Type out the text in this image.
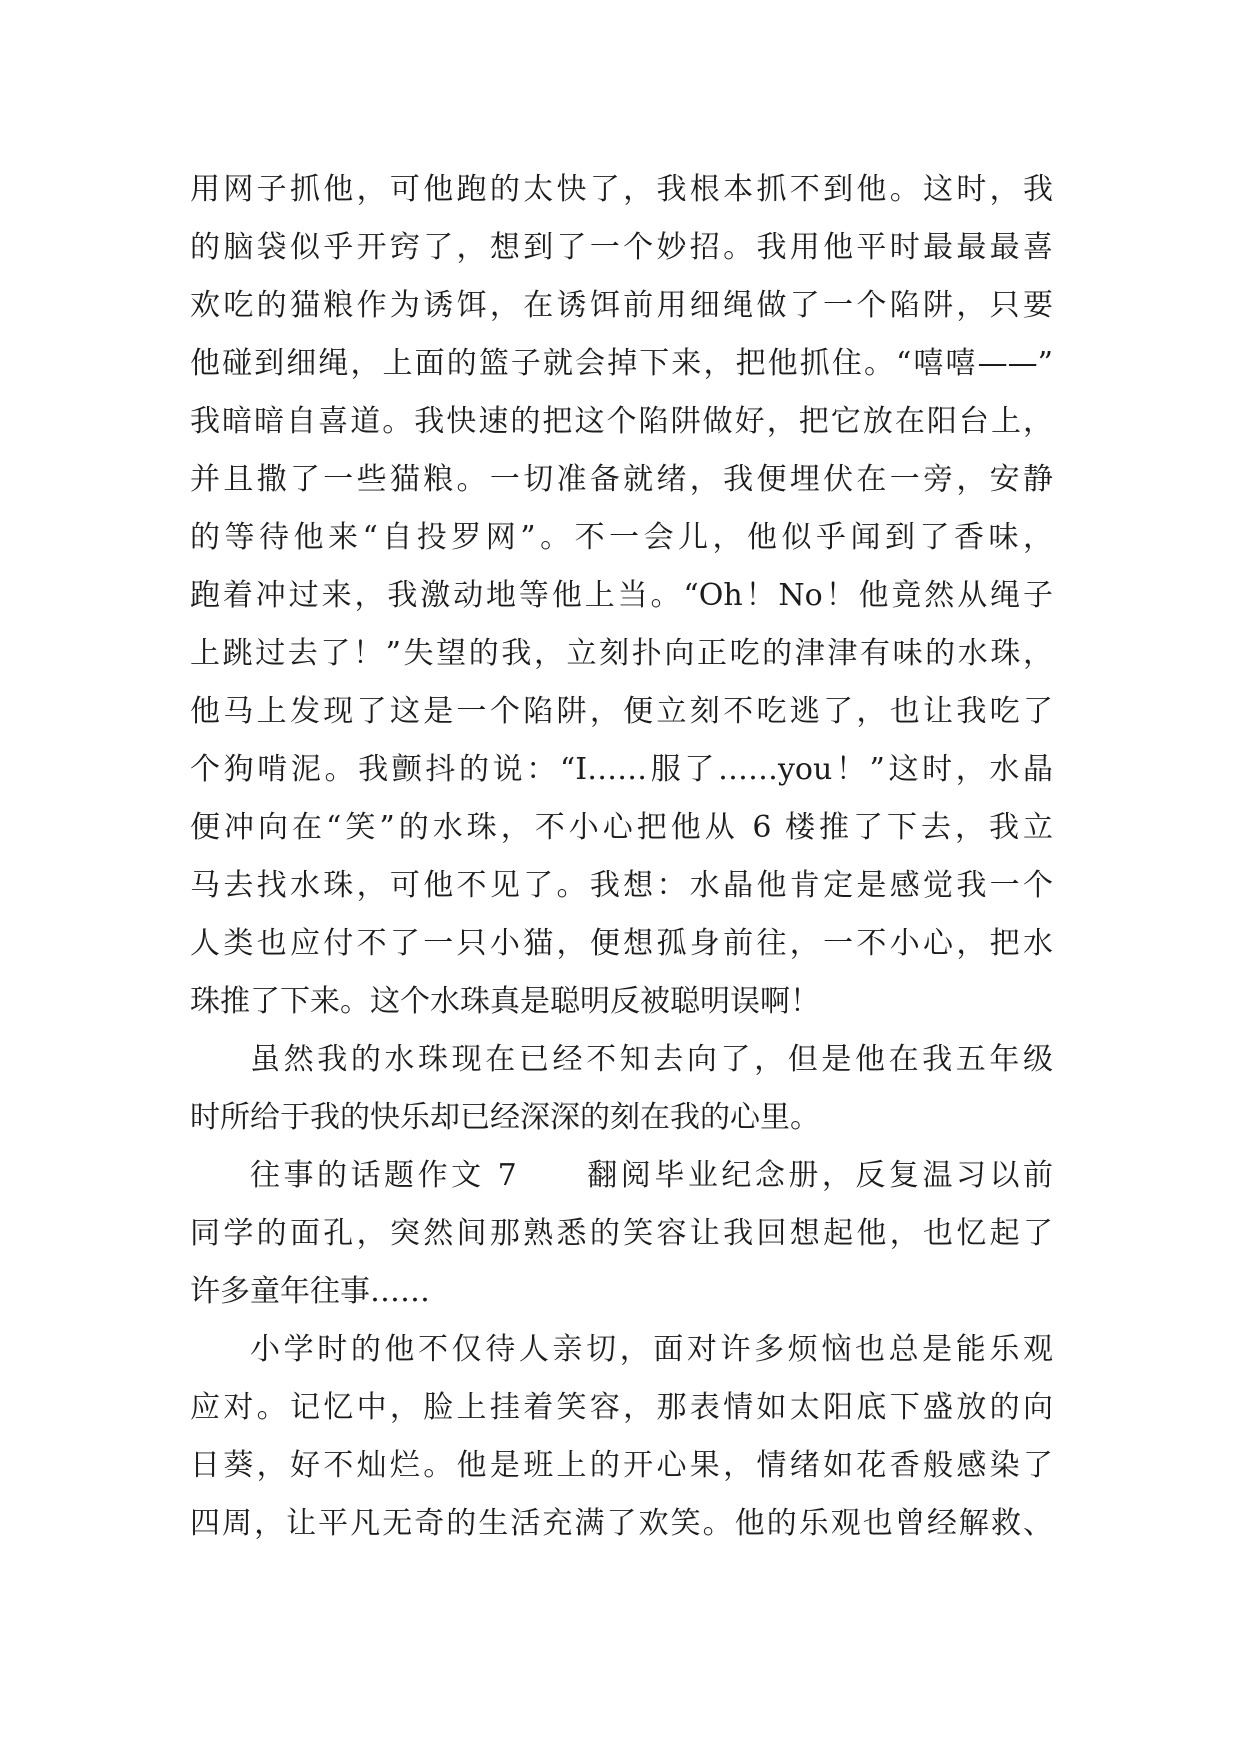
用网子抓他，可他跑的太快了，我根本抓不到他。这时，我
的脑袋似乎开窍了，想到了一个妙招。我用他平时最最最喜
欢吃的猫粮作为诱饵，在诱饵前用细绳做了一个陷阱，只要
他碰到细绳，上面的篮子就会掉下来，把他抓住。“嘻嘻——”
我暗暗自喜道。我快速的把这个陷阱做好，把它放在阳台上，
并且撒了一些猫粮。一切准备就绪，我便埋伏在一旁，安静
的等待他来“自投罗网”。不一会儿，他似乎闻到了香味，
跑着冲过来，我激动地等他上当。“Oh！No！他竟然从绳子
上跳过去了！”失望的我，立刻扑向正吃的津津有味的水珠，
他马上发现了这是一个陷阱，便立刻不吃逃了，也让我吃了
个狗啃泥。我颤抖的说：“I……服了……you！”这时，水晶
便冲向在“笑”的水珠，不小心把他从 6 楼推了下去，我立
马去找水珠，可他不见了。我想：水晶他肯定是感觉我一个
人类也应付不了一只小猫，便想孤身前往，一不小心，把水
珠推了下来。这个水珠真是聪明反被聪明误啊！
虽然我的水珠现在已经不知去向了，但是他在我五年级
时所给于我的快乐却已经深深的刻在我的心里。
往事的话题作文 7　　翻阅毕业纪念册，反复温习以前
同学的面孔，突然间那熟悉的笑容让我回想起他，也忆起了
许多童年往事……
小学时的他不仅待人亲切，面对许多烦恼也总是能乐观
应对。记忆中，脸上挂着笑容，那表情如太阳底下盛放的向
日葵，好不灿烂。他是班上的开心果，情绪如花香般感染了
四周，让平凡无奇的生活充满了欢笑。他的乐观也曾经解救、
